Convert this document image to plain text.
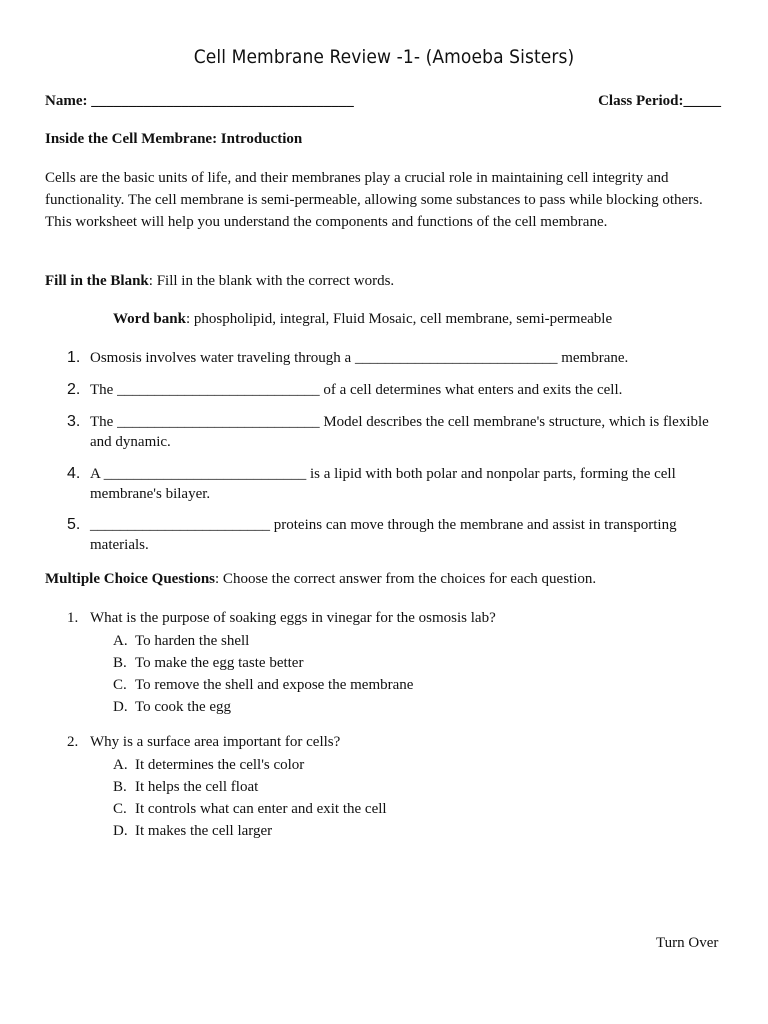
Cell Membrane Review -1- (Amoeba Sisters)
Name: ___________________________________	Class Period:_____
Inside the Cell Membrane: Introduction
Cells are the basic units of life, and their membranes play a crucial role in maintaining cell integrity and functionality. The cell membrane is semi-permeable, allowing some substances to pass while blocking others. This worksheet will help you understand the components and functions of the cell membrane.
Fill in the Blank: Fill in the blank with the correct words.
Word bank: phospholipid, integral, Fluid Mosaic, cell membrane, semi-permeable
1. Osmosis involves water traveling through a ___________________________ membrane.
2. The ___________________________ of a cell determines what enters and exits the cell.
3. The ___________________________ Model describes the cell membrane's structure, which is flexible and dynamic.
4. A ___________________________ is a lipid with both polar and nonpolar parts, forming the cell membrane's bilayer.
5. ________________________ proteins can move through the membrane and assist in transporting materials.
Multiple Choice Questions: Choose the correct answer from the choices for each question.
1. What is the purpose of soaking eggs in vinegar for the osmosis lab?
A. To harden the shell
B. To make the egg taste better
C. To remove the shell and expose the membrane
D. To cook the egg
2. Why is a surface area important for cells?
A. It determines the cell's color
B. It helps the cell float
C. It controls what can enter and exit the cell
D. It makes the cell larger
Turn Over
